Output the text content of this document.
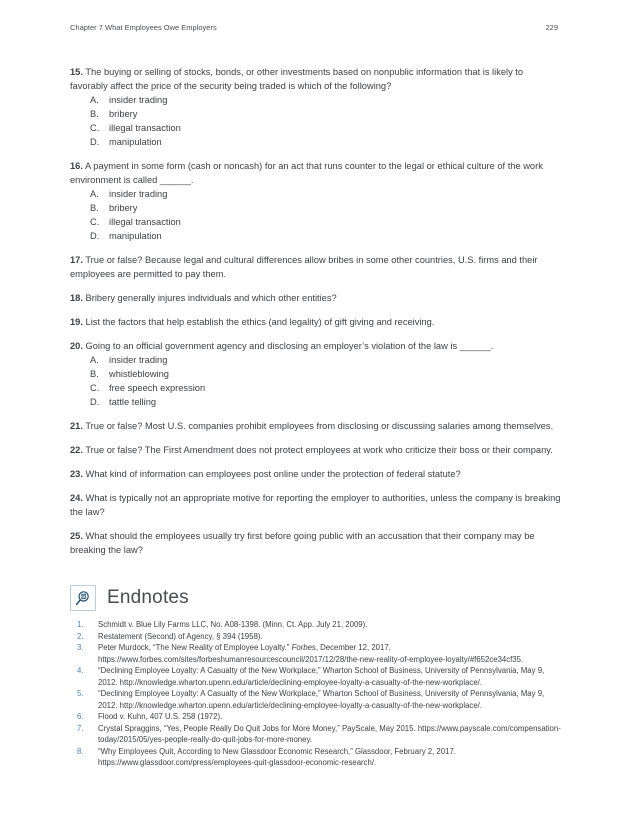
Chapter 7 What Employees Owe Employers	229

15. The buying or selling of stocks, bonds, or other investments based on nonpublic information that is likely to favorably affect the price of the security being traded is which of the following?

A.	insider trading
B.	bribery
C.	illegal transaction
D.	manipulation

16. A payment in some form (cash or noncash) for an act that runs counter to the legal or ethical culture of the work environment is called ______.

A.	insider trading
B.	bribery
C.	illegal transaction
D.	manipulation

17. True or false? Because legal and cultural differences allow bribes in some other countries, U.S. firms and their employees are permitted to pay them.

18. Bribery generally injures individuals and which other entities?

19. List the factors that help establish the ethics (and legality) of gift giving and receiving.

20. Going to an official government agency and disclosing an employer’s violation of the law is ______.

A.	insider trading
B.	whistleblowing
C.	free speech expression
D.	tattle telling

21. True or false? Most U.S. companies prohibit employees from disclosing or discussing salaries among themselves.

22. True or false? The First Amendment does not protect employees at work who criticize their boss or their company.

23. What kind of information can employees post online under the protection of federal statute?

24. What is typically not an appropriate motive for reporting the employer to authorities, unless the company is breaking the law?

25. What should the employees usually try first before going public with an accusation that their company may be breaking the law?

Endnotes
1.	Schmidt v. Blue Lily Farms LLC, No. A08-1398. (Minn. Ct. App. July 21, 2009).
2.	Restatement (Second) of Agency, § 394 (1958).
3.	Peter Murdock, “The New Reality of Employee Loyalty.” Forbes, December 12, 2017. https://www.forbes.com/sites/forbeshumanresourcescouncil/2017/12/28/the-new-reality-of-employee-loyalty/#f652ce34cf35.
4.	“Declining Employee Loyalty: A Casualty of the New Workplace,” Wharton School of Business, University of Pennsylvania, May 9, 2012. http://knowledge.wharton.upenn.edu/article/declining-employee-loyalty-a-casualty-of-the-new-workplace/.
5.	“Declining Employee Loyalty: A Casualty of the New Workplace,” Wharton School of Business, University of Pennsylvania, May 9, 2012. http://knowledge.wharton.upenn.edu/article/declining-employee-loyalty-a-casualty-of-the-new-workplace/.
6.	Flood v. Kuhn, 407 U.S. 258 (1972).
7.	Crystal Spraggins, “Yes, People Really Do Quit Jobs for More Money,” PayScale, May 2015. https://www.payscale.com/compensation-today/2015/05/yes-people-really-do-quit-jobs-for-more-money.
8.	“Why Employees Quit, According to New Glassdoor Economic Research,” Glassdoor, February 2, 2017. https://www.glassdoor.com/press/employees-quit-glassdoor-economic-research/.
